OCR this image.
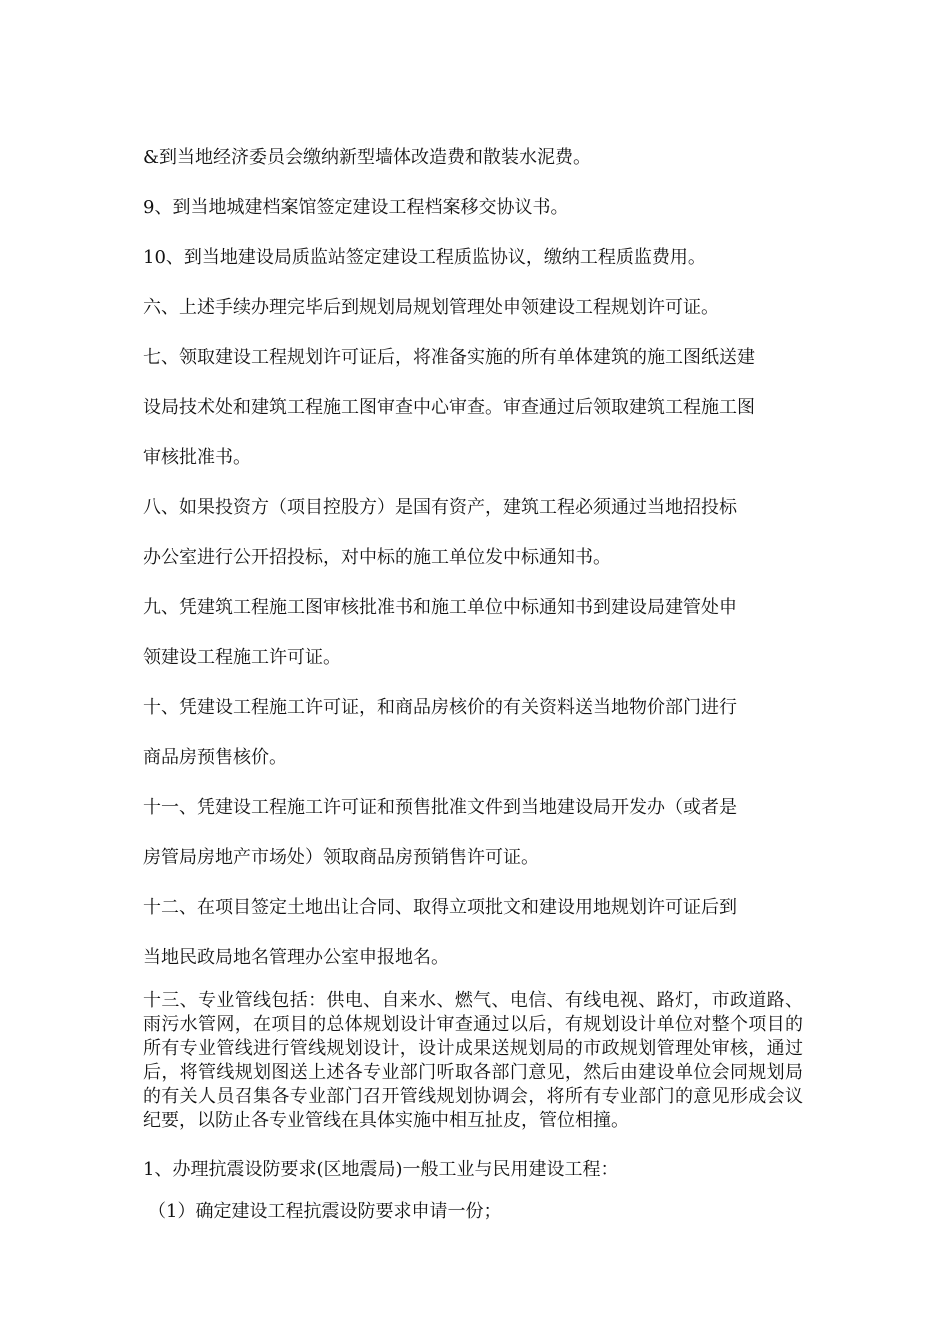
&到当地经济委员会缴纳新型墙体改造费和散装水泥费。
9、到当地城建档案馆签定建设工程档案移交协议书。
10、到当地建设局质监站签定建设工程质监协议，缴纳工程质监费用。
六、上述手续办理完毕后到规划局规划管理处申领建设工程规划许可证。
七、领取建设工程规划许可证后，将准备实施的所有单体建筑的施工图纸送建
设局技术处和建筑工程施工图审查中心审查。审查通过后领取建筑工程施工图
审核批准书。
八、如果投资方（项目控股方）是国有资产，建筑工程必须通过当地招投标
办公室进行公开招投标，对中标的施工单位发中标通知书。
九、凭建筑工程施工图审核批准书和施工单位中标通知书到建设局建管处申
领建设工程施工许可证。
十、凭建设工程施工许可证，和商品房核价的有关资料送当地物价部门进行
商品房预售核价。
十一、凭建设工程施工许可证和预售批准文件到当地建设局开发办（或者是
房管局房地产市场处）领取商品房预销售许可证。
十二、在项目签定土地出让合同、取得立项批文和建设用地规划许可证后到
当地民政局地名管理办公室申报地名。
十三、专业管线包括：供电、自来水、燃气、电信、有线电视、路灯，市政道路、雨污水管网，在项目的总体规划设计审查通过以后，有规划设计单位对整个项目的所有专业管线进行管线规划设计，设计成果送规划局的市政规划管理处审核，通过后，将管线规划图送上述各专业部门听取各部门意见，然后由建设单位会同规划局的有关人员召集各专业部门召开管线规划协调会，将所有专业部门的意见形成会议纪要，以防止各专业管线在具体实施中相互扯皮，管位相撞。
1、办理抗震设防要求(区地震局)一般工业与民用建设工程：
（1）确定建设工程抗震设防要求申请一份；
